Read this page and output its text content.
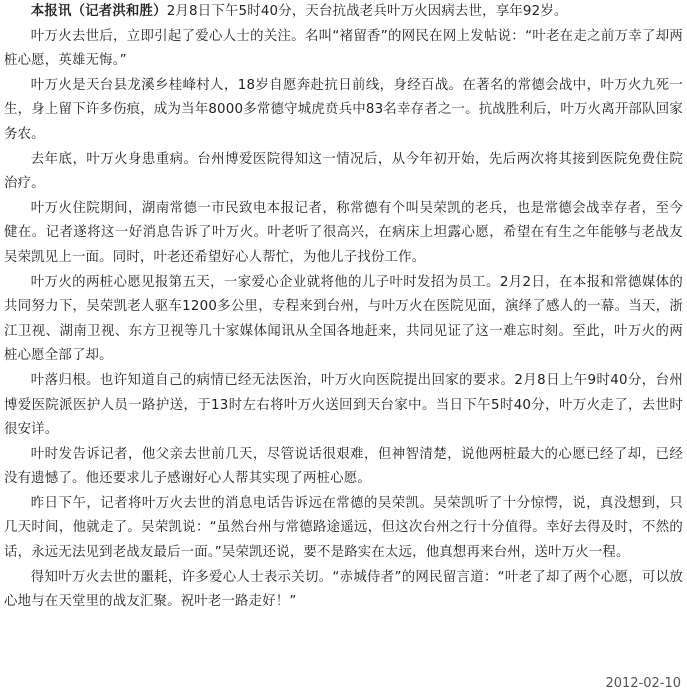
本报讯（记者洪和胜）2月8日下午5时40分，天台抗战老兵叶万火因病去世，享年92岁。

叶万火去世后，立即引起了爱心人士的关注。名叫“褚留香”的网民在网上发帖说：“叶老在走之前万幸了却两桩心愿，英雄无悔。”

叶万火是天台县龙溪乡桂峰村人，18岁自愿奔赴抗日前线，身经百战。在著名的常德会战中，叶万火九死一生，身上留下许多伤痕，成为当年8000多常德守城虎贲兵中83名幸存者之一。抗战胜利后，叶万火离开部队回家务农。

去年底，叶万火身患重病。台州博爱医院得知这一情况后，从今年初开始，先后两次将其接到医院免费住院治疗。

叶万火住院期间，湖南常德一市民致电本报记者，称常德有个叫吴荣凯的老兵，也是常德会战幸存者，至今健在。记者遂将这一好消息告诉了叶万火。叶老听了很高兴，在病床上坦露心愿，希望在有生之年能够与老战友吴荣凯见上一面。同时，叶老还希望好心人帮忙，为他儿子找份工作。

叶万火的两桩心愿见报第五天，一家爱心企业就将他的儿子叶时发招为员工。2月2日，在本报和常德媒体的共同努力下，吴荣凯老人驱车1200多公里，专程来到台州，与叶万火在医院见面，演绎了感人的一幕。当天，浙江卫视、湖南卫视、东方卫视等几十家媒体闻讯从全国各地赶来，共同见证了这一难忘时刻。至此，叶万火的两桩心愿全部了却。

叶落归根。也许知道自己的病情已经无法医治，叶万火向医院提出回家的要求。2月8日上午9时40分，台州博爱医院派医护人员一路护送，于13时左右将叶万火送回到天台家中。当日下午5时40分，叶万火走了，去世时很安详。

叶时发告诉记者，他父亲去世前几天，尽管说话很艰难，但神智清楚，说他两桩最大的心愿已经了却，已经没有遗憾了。他还要求儿子感谢好心人帮其实现了两桩心愿。

昨日下午，记者将叶万火去世的消息电话告诉远在常德的吴荣凯。吴荣凯听了十分惊愕，说，真没想到，只几天时间，他就走了。吴荣凯说：“虽然台州与常德路途遥远，但这次台州之行十分值得。幸好去得及时，不然的话，永远无法见到老战友最后一面。”吴荣凯还说，要不是路实在太远，他真想再来台州，送叶万火一程。

得知叶万火去世的噩耗，许多爱心人士表示关切。“赤城侍者”的网民留言道：“叶老了却了两个心愿，可以放心地与在天堂里的战友汇聚。祝叶老一路走好！”

2012-02-10
